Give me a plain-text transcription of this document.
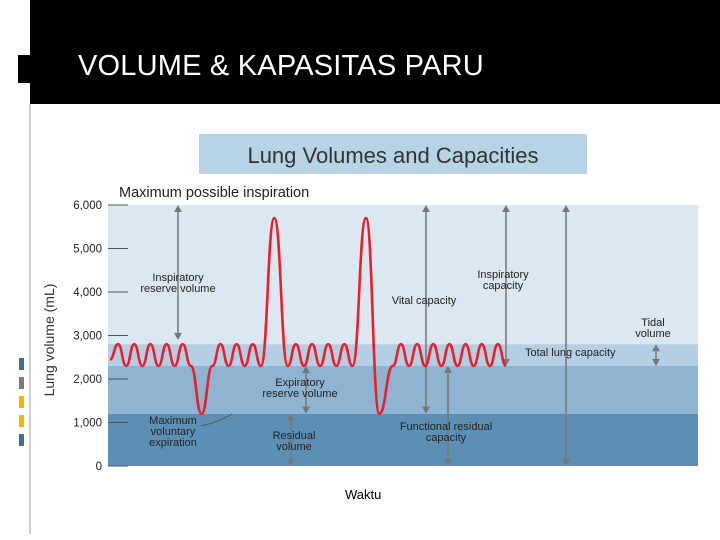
VOLUME & KAPASITAS PARU
Lung Volumes and Capacities
Lung volume (mL)
0
1,000
2,000
3,000
4,000
5,000
6,000
Maximum possible inspiration
Inspiratory reserve volume
Vital capacity
Inspiratory capacity
Tidal volume
Total lung capacity
Expiratory reserve volume
Maximum voluntary expiration
Residual volume
Functional residual capacity
Waktu
